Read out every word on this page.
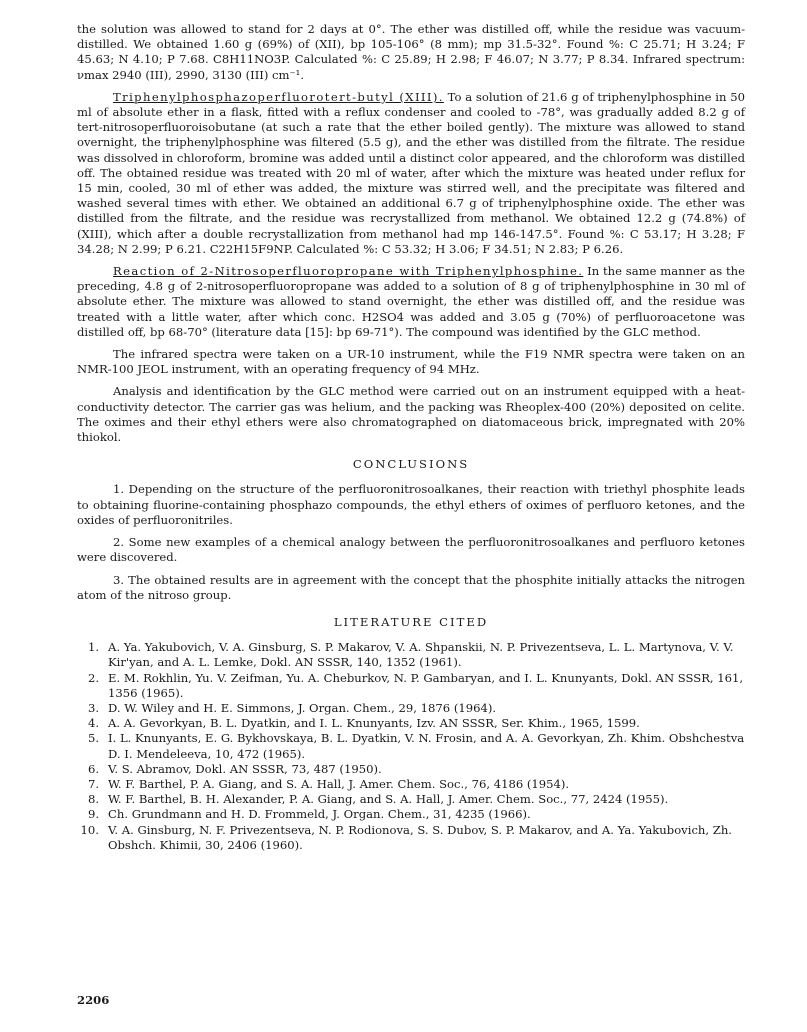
the solution was allowed to stand for 2 days at 0°. The ether was distilled off, while the residue was vacuum-distilled. We obtained 1.60 g (69%) of (XII), bp 105-106° (8 mm); mp 31.5-32°. Found %: C 25.71; H 3.24; F 45.63; N 4.10; P 7.68. C8H11NO3P. Calculated %: C 25.89; H 2.98; F 46.07; N 3.77; P 8.34. Infrared spectrum: νmax 2940 (III), 2990, 3130 (III) cm⁻¹.

Triphenylphosphazoperfluorotert-butyl (XIII). To a solution of 21.6 g of triphenylphosphine in 50 ml of absolute ether in a flask, fitted with a reflux condenser and cooled to -78°, was gradually added 8.2 g of tert-nitrosoperfluoroisobutane (at such a rate that the ether boiled gently). The mixture was allowed to stand overnight, the triphenylphosphine was filtered (5.5 g), and the ether was distilled from the filtrate. The residue was dissolved in chloroform, bromine was added until a distinct color appeared, and the chloroform was distilled off. The obtained residue was treated with 20 ml of water, after which the mixture was heated under reflux for 15 min, cooled, 30 ml of ether was added, the mixture was stirred well, and the precipitate was filtered and washed several times with ether. We obtained an additional 6.7 g of triphenylphosphine oxide. The ether was distilled from the filtrate, and the residue was recrystallized from methanol. We obtained 12.2 g (74.8%) of (XIII), which after a double recrystallization from methanol had mp 146-147.5°. Found %: C 53.17; H 3.28; F 34.28; N 2.99; P 6.21. C22H15F9NP. Calculated %: C 53.32; H 3.06; F 34.51; N 2.83; P 6.26.

Reaction of 2-Nitrosoperfluoropropane with Triphenylphosphine. In the same manner as the preceding, 4.8 g of 2-nitrosoperfluoropropane was added to a solution of 8 g of triphenylphosphine in 30 ml of absolute ether. The mixture was allowed to stand overnight, the ether was distilled off, and the residue was treated with a little water, after which conc. H2SO4 was added and 3.05 g (70%) of perfluoroacetone was distilled off, bp 68-70° (literature data [15]: bp 69-71°). The compound was identified by the GLC method.

The infrared spectra were taken on a UR-10 instrument, while the F19 NMR spectra were taken on an NMR-100 JEOL instrument, with an operating frequency of 94 MHz.

Analysis and identification by the GLC method were carried out on an instrument equipped with a heat-conductivity detector. The carrier gas was helium, and the packing was Rheoplex-400 (20%) deposited on celite. The oximes and their ethyl ethers were also chromatographed on diatomaceous brick, impregnated with 20% thiokol.

CONCLUSIONS

1. Depending on the structure of the perfluoronitrosoalkanes, their reaction with triethyl phosphite leads to obtaining fluorine-containing phosphazo compounds, the ethyl ethers of oximes of perfluoro ketones, and the oxides of perfluoronitriles.

2. Some new examples of a chemical analogy between the perfluoronitrosoalkanes and perfluoro ketones were discovered.

3. The obtained results are in agreement with the concept that the phosphite initially attacks the nitrogen atom of the nitroso group.

LITERATURE CITED
1. A. Ya. Yakubovich, V. A. Ginsburg, S. P. Makarov, V. A. Shpanskii, N. P. Privezentseva, L. L. Martynova, V. V. Kir'yan, and A. L. Lemke, Dokl. AN SSSR, 140, 1352 (1961).
2. E. M. Rokhlin, Yu. V. Zeifman, Yu. A. Cheburkov, N. P. Gambaryan, and I. L. Knunyants, Dokl. AN SSSR, 161, 1356 (1965).
3. D. W. Wiley and H. E. Simmons, J. Organ. Chem., 29, 1876 (1964).
4. A. A. Gevorkyan, B. L. Dyatkin, and I. L. Knunyants, Izv. AN SSSR, Ser. Khim., 1965, 1599.
5. I. L. Knunyants, E. G. Bykhovskaya, B. L. Dyatkin, V. N. Frosin, and A. A. Gevorkyan, Zh. Khim. Obshchestva D. I. Mendeleeva, 10, 472 (1965).
6. V. S. Abramov, Dokl. AN SSSR, 73, 487 (1950).
7. W. F. Barthel, P. A. Giang, and S. A. Hall, J. Amer. Chem. Soc., 76, 4186 (1954).
8. W. F. Barthel, B. H. Alexander, P. A. Giang, and S. A. Hall, J. Amer. Chem. Soc., 77, 2424 (1955).
9. Ch. Grundmann and H. D. Frommeld, J. Organ. Chem., 31, 4235 (1966).
10. V. A. Ginsburg, N. F. Privezentseva, N. P. Rodionova, S. S. Dubov, S. P. Makarov, and A. Ya. Yakubovich, Zh. Obshch. Khimii, 30, 2406 (1960).
2206
